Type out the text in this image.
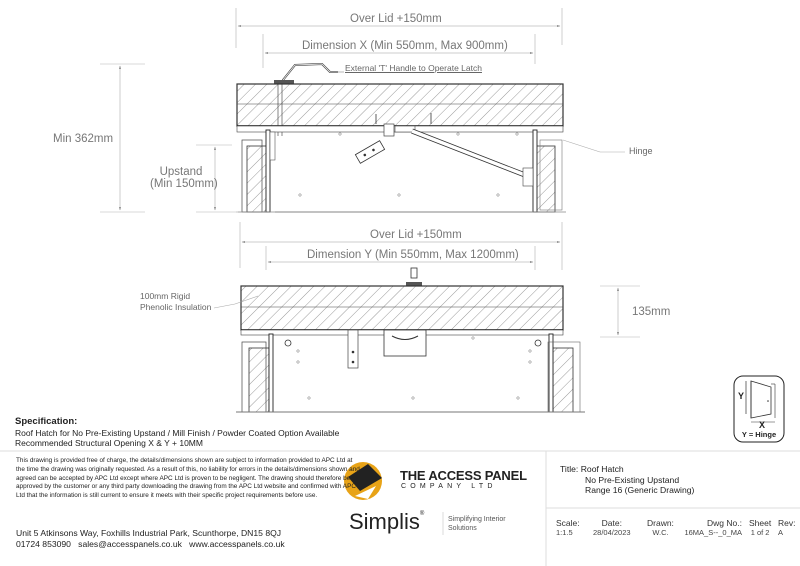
Over Lid +150mm
Dimension X (Min 550mm, Max 900mm)
External 'T' Handle to Operate Latch
Min 362mm
Upstand
(Min 150mm)
Hinge
Over Lid +150mm
Dimension Y (Min 550mm, Max 1200mm)
100mm Rigid
Phenolic Insulation	135mm
Y
X
Y = Hinge
Specification:
Roof Hatch for No Pre-Existing Upstand / Mill Finish / Powder Coated Option Available
Recommended Structural Opening X & Y + 10MM
This drawing is provided free of charge, the details/dimensions shown are subject to information provided to APC Ltd at the time the drawing was originally requested. As a result of this, no liability for errors in the details/dimensions shown and agreed can be accepted by APC Ltd except where APC Ltd is proven to be negligent. The drawing should therefore be approved by the customer or any third party downloading the drawing from the APC Ltd website and confirmed with APC Ltd that the information is still current to ensure it meets with their specific project requirements before use.
Unit 5 Atkinsons Way, Foxhills Industrial Park, Scunthorpe, DN15 8QJ
01724 853090 sales@accesspanels.co.uk www.accesspanels.co.uk
THE ACCESS PANEL
COMPANY LTD
Simplis®
Simplifying Interior
Solutions
Title: Roof Hatch
No Pre-Existing Upstand
Range 16 (Generic Drawing)
Scale:
1:1.5
Date:
28/04/2023
Drawn:
W.C.
Dwg No.:
16MA_S--_0_MA
Sheet
1 of 2
Rev:
A
